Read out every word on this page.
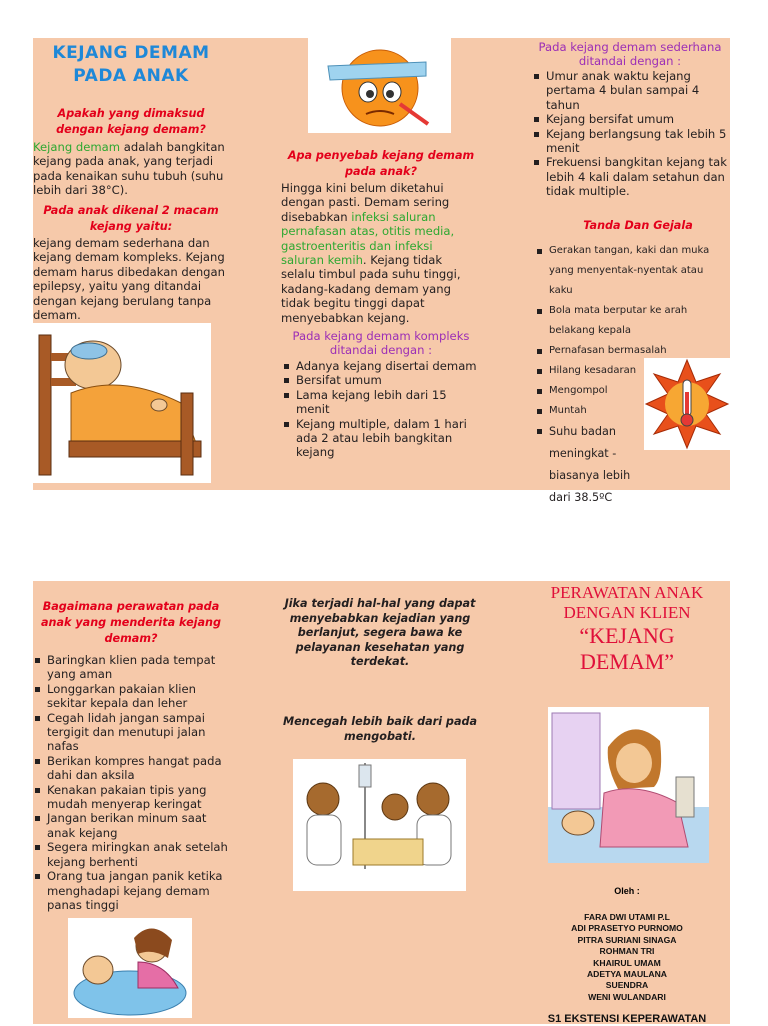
KEJANG DEMAM
PADA ANAK
Apakah yang dimaksud dengan kejang demam?
Kejang demam adalah bangkitan kejang pada anak, yang terjadi pada kenaikan suhu tubuh (suhu lebih dari 38°C).
Pada anak dikenal 2 macam kejang yaitu:
kejang demam sederhana dan kejang demam kompleks. Kejang demam harus dibedakan dengan epilepsy, yaitu yang ditandai dengan kejang berulang tanpa demam.
Apa penyebab kejang demam pada anak?
Hingga kini belum diketahui dengan pasti. Demam sering disebabkan infeksi saluran pernafasan atas, otitis media, gastroenteritis dan infeksi saluran kemih. Kejang tidak selalu timbul pada suhu tinggi, kadang-kadang demam yang tidak begitu tinggi dapat menyebabkan kejang.
Pada kejang demam kompleks ditandai dengan :
Adanya kejang disertai demam
Bersifat umum
Lama kejang lebih dari 15 menit
Kejang multiple, dalam 1 hari ada 2 atau lebih bangkitan kejang
Pada kejang demam sederhana ditandai dengan :
Umur anak waktu kejang pertama 4 bulan sampai 4 tahun
Kejang bersifat umum
Kejang berlangsung tak lebih 5 menit
Frekuensi bangkitan kejang tak lebih 4 kali dalam setahun dan tidak multiple.
Tanda Dan Gejala
Gerakan tangan, kaki dan muka yang menyentak-nyentak atau kaku
Bola mata berputar ke arah belakang kepala
Pernafasan bermasalah
Hilang kesadaran
Mengompol
Muntah
Suhu badan meningkat - biasanya lebih dari 38.5ºC
Bagaimana perawatan pada anak yang menderita kejang demam?
Baringkan klien pada tempat yang aman
Longgarkan pakaian klien sekitar kepala dan leher
Cegah lidah jangan sampai tergigit dan menutupi jalan nafas
Berikan kompres hangat pada dahi dan aksila
Kenakan pakaian tipis yang mudah menyerap keringat
Jangan berikan minum saat anak kejang
Segera miringkan anak setelah kejang berhenti
Orang tua jangan panik ketika menghadapi kejang demam panas tinggi
Jika terjadi hal-hal yang dapat menyebabkan kejadian yang berlanjut, segera bawa ke pelayanan kesehatan yang terdekat.
Mencegah lebih baik dari pada mengobati.
PERAWATAN ANAK
DENGAN KLIEN
“KEJANG
DEMAM”
Oleh :
FARA DWI UTAMI P.L
ADI PRASETYO PURNOMO
PITRA SURIANI SINAGA
ROHMAN TRI
KHAIRUL UMAM
ADETYA MAULANA
SUENDRA
WENI WULANDARI
S1 EKSTENSI KEPERAWATAN
